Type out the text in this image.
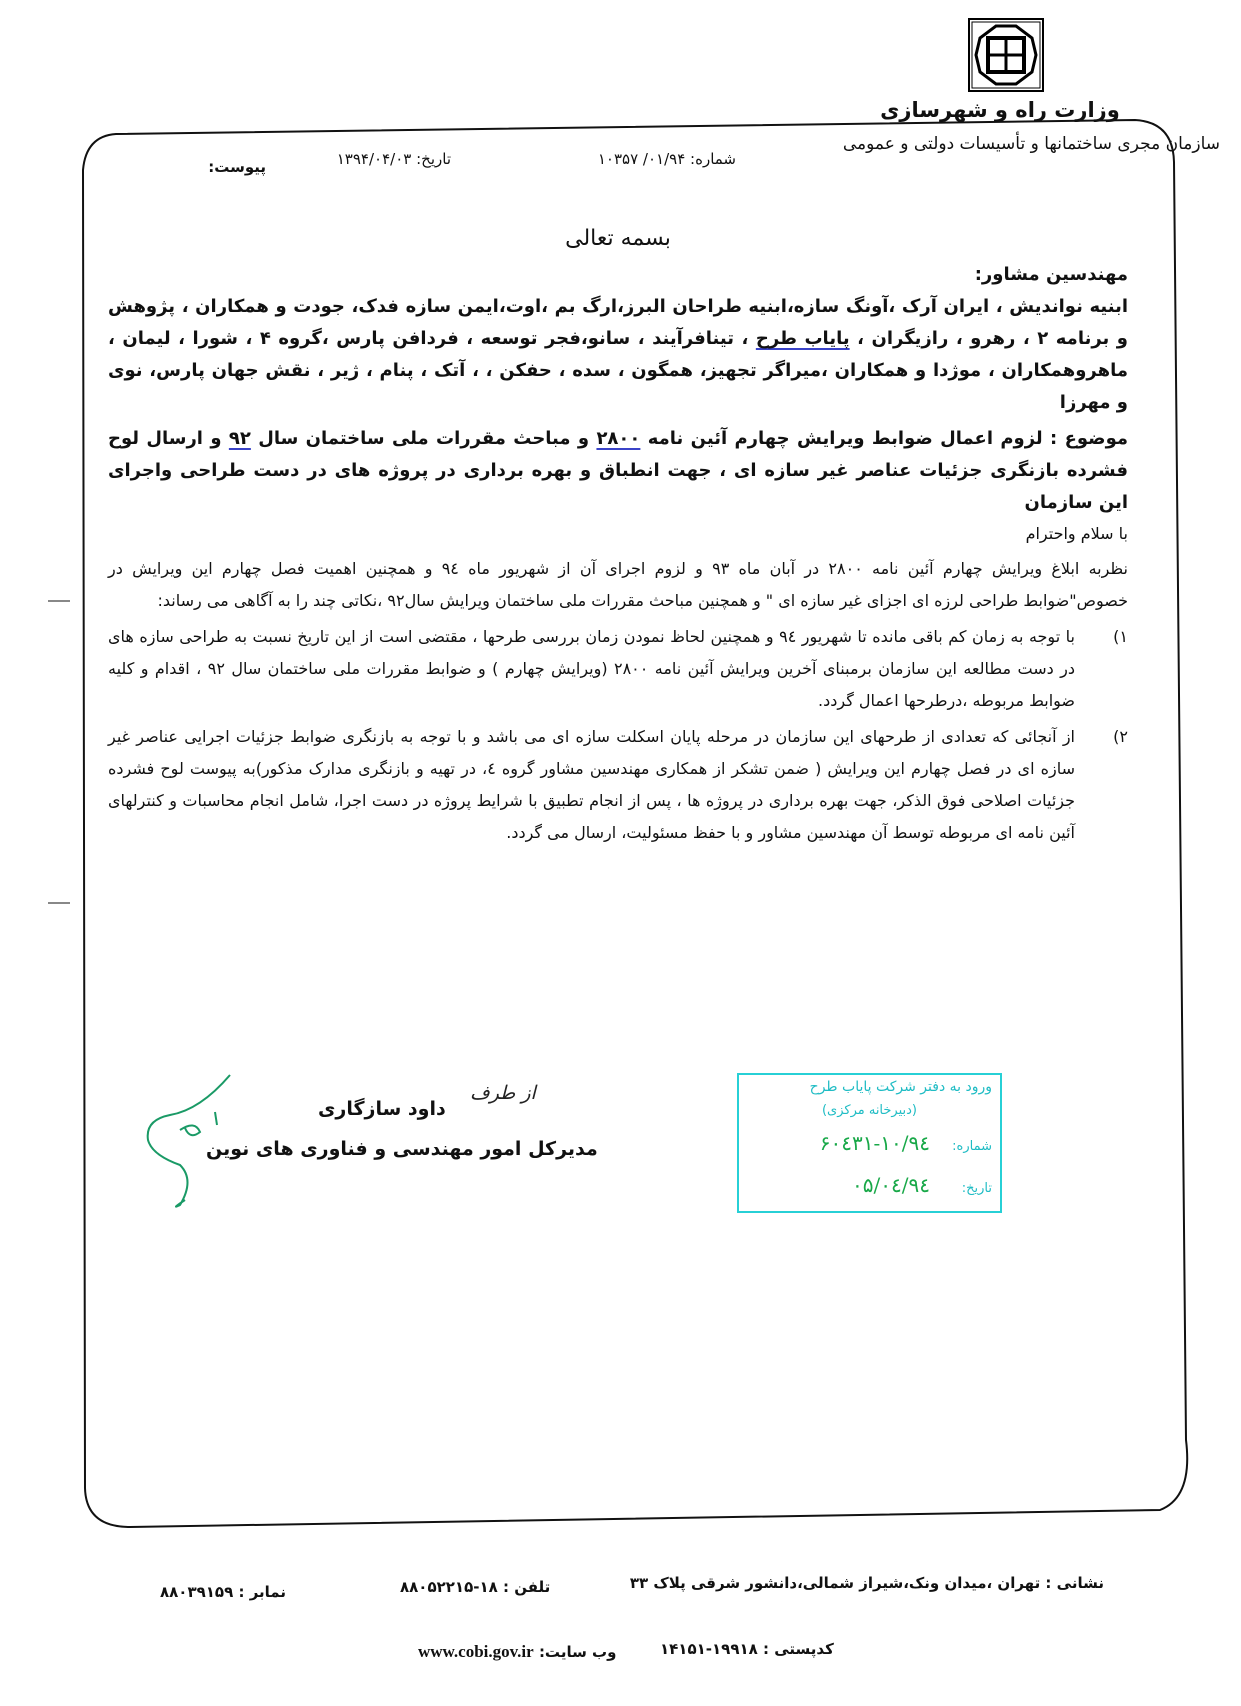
وزارت راه و شهرسازی
سازمان مجری ساختمانها و تأسیسات دولتی و عمومی
شماره: ۰۱/۹۴/ ۱۰۳۵۷
تاریخ: ۱۳۹۴/۰۴/۰۳
پیوست:
بسمه تعالی
مهندسین مشاور:
ابنیه نواندیش ، ایران آرک ،آونگ سازه،ابنیه طراحان البرز،ارگ بم ،اوت،ایمن سازه فدک، جودت و همکاران ، پژوهش و برنامه ۲ ، رهرو ، رازیگران ، پایاب طرح ، تینافرآیند ، سانو،فجر توسعه ، فردافن پارس ،گروه ۴ ، شورا ، لیمان ، ماهروهمکاران ، موژدا و همکاران ،میراگر تجهیز، همگون ، سده ، حفکن ، ، آتک ، پنام ، ژیر ، نقش جهان پارس، نوی و مهرزا
موضوع : لزوم اعمال ضوابط ویرایش چهارم آئین نامه ۲۸۰۰ و مباحث مقررات ملی ساختمان سال ۹۲ و ارسال لوح فشرده بازنگری جزئیات عناصر غیر سازه ای ، جهت انطباق و بهره برداری در پروژه های در دست طراحی واجرای این سازمان
با سلام واحترام
نظربه ابلاغ ویرایش چهارم آئین نامه ۲۸۰۰ در آبان ماه ۹۳ و لزوم اجرای آن از شهریور ماه ۹٤ و همچنین اهمیت فصل چهارم این ویرایش در خصوص"ضوابط طراحی لرزه ای اجزای غیر سازه ای " و همچنین مباحث مقررات ملی ساختمان ویرایش سال۹۲ ،نکاتی چند را به آگاهی می رساند:
۱)
با توجه به زمان کم باقی مانده تا شهریور ۹٤ و همچنین لحاظ نمودن زمان بررسی طرحها ، مقتضی است از این تاریخ نسبت به طراحی سازه های در دست مطالعه این سازمان برمبنای آخرین ویرایش آئین نامه ۲۸۰۰ (ویرایش چهارم ) و ضوابط مقررات ملی ساختمان سال ۹۲ ، اقدام و کلیه ضوابط مربوطه ،درطرحها اعمال گردد.
۲)
از آنجائی که تعدادی از طرحهای این سازمان در مرحله پایان اسکلت سازه ای می باشد و با توجه به بازنگری ضوابط جزئیات اجرایی عناصر غیر سازه ای در فصل چهارم این ویرایش ( ضمن تشکر از همکاری مهندسین مشاور گروه ٤، در تهیه و بازنگری مدارک مذکور)به پیوست لوح فشرده جزئیات اصلاحی فوق الذکر، جهت بهره برداری در پروژه ها ، پس از انجام تطبیق با شرایط پروژه در دست اجرا، شامل انجام محاسبات و کنترلهای آئین نامه ای مربوطه توسط آن مهندسین مشاور و با حفظ مسئولیت، ارسال می گردد.
از طرف
داود سازگاری
مدیرکل امور مهندسی و فناوری های نوین
ورود به دفتر شرکت پایاب طرح
(دبیرخانه مرکزی)
شماره:
۱۰/۹٤-۶۰٤۳۱
تاریخ:
۹٤/۰٤/۰۵
نشانی : تهران ،میدان ونک،شیراز شمالی،دانشور شرقی پلاک ۳۳
تلفن : ۱۸-۸۸۰۵۲۲۱۵
نمابر : ۸۸۰۳۹۱۵۹
کدپستی : ۱۹۹۱۸-۱۴۱۵۱
وب سایت: www.cobi.gov.ir
